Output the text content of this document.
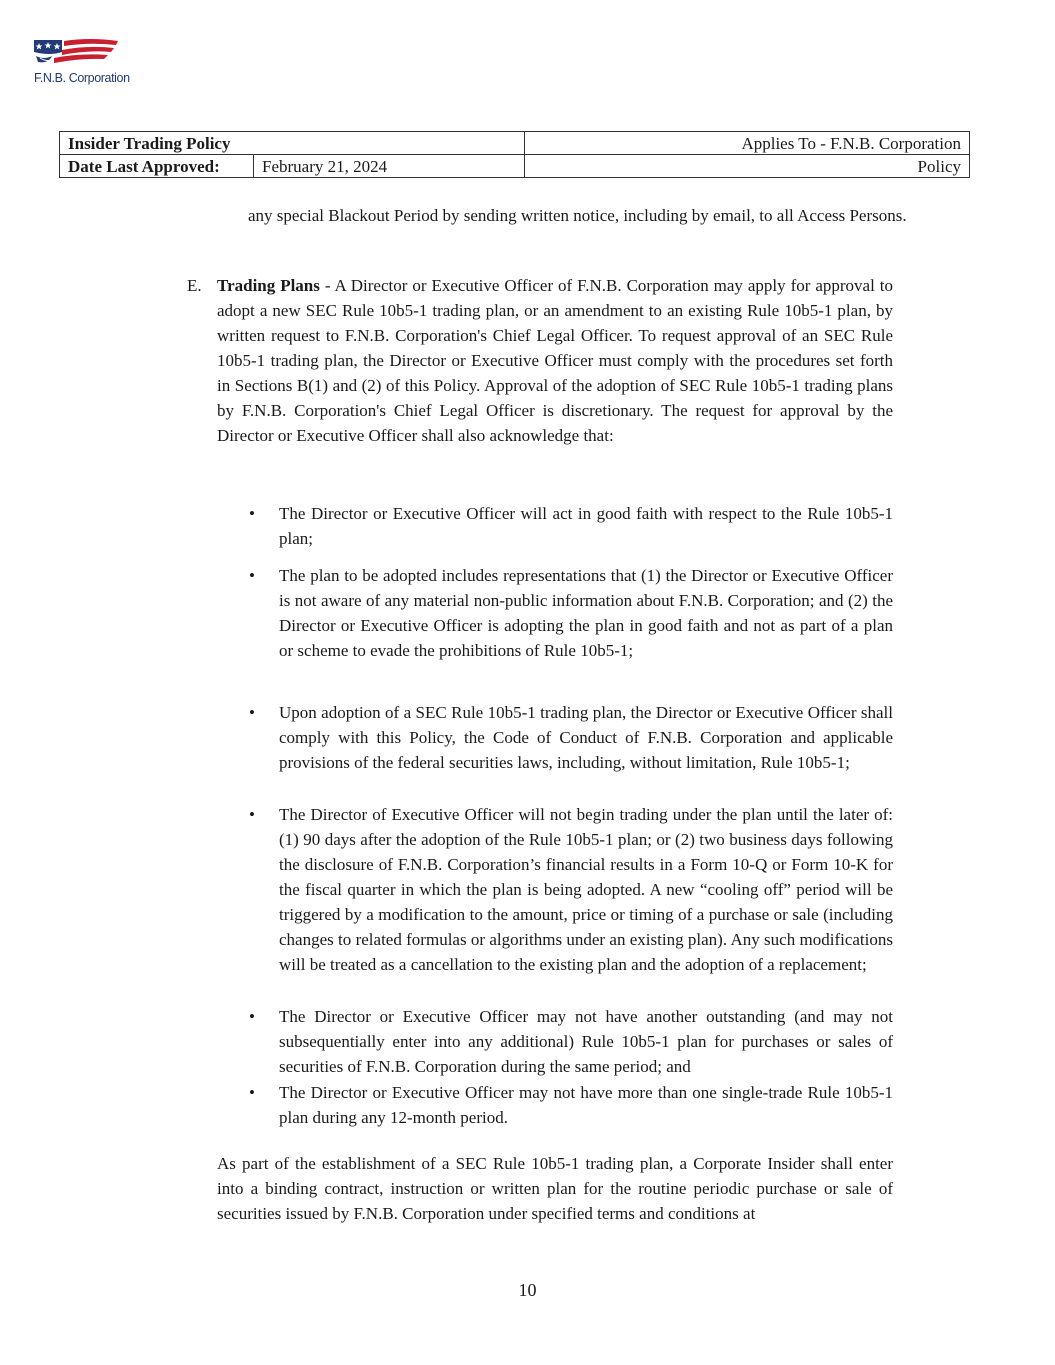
F.N.B. Corporation
Insider Trading Policy		Applies To - F.N.B. Corporation
Date Last Approved:	February 21, 2024	Policy
any special Blackout Period by sending written notice, including by email, to all Access Persons.
E. Trading Plans - A Director or Executive Officer of F.N.B. Corporation may apply for approval to adopt a new SEC Rule 10b5-1 trading plan, or an amendment to an existing Rule 10b5-1 plan, by written request to F.N.B. Corporation's Chief Legal Officer. To request approval of an SEC Rule 10b5-1 trading plan, the Director or Executive Officer must comply with the procedures set forth in Sections B(1) and (2) of this Policy. Approval of the adoption of SEC Rule 10b5-1 trading plans by F.N.B. Corporation's Chief Legal Officer is discretionary. The request for approval by the Director or Executive Officer shall also acknowledge that:
• The Director or Executive Officer will act in good faith with respect to the Rule 10b5-1 plan;
• The plan to be adopted includes representations that (1) the Director or Executive Officer is not aware of any material non-public information about F.N.B. Corporation; and (2) the Director or Executive Officer is adopting the plan in good faith and not as part of a plan or scheme to evade the prohibitions of Rule 10b5-1;
• Upon adoption of a SEC Rule 10b5-1 trading plan, the Director or Executive Officer shall comply with this Policy, the Code of Conduct of F.N.B. Corporation and applicable provisions of the federal securities laws, including, without limitation, Rule 10b5-1;
• The Director of Executive Officer will not begin trading under the plan until the later of: (1) 90 days after the adoption of the Rule 10b5-1 plan; or (2) two business days following the disclosure of F.N.B. Corporation’s financial results in a Form 10-Q or Form 10-K for the fiscal quarter in which the plan is being adopted. A new “cooling off” period will be triggered by a modification to the amount, price or timing of a purchase or sale (including changes to related formulas or algorithms under an existing plan). Any such modifications will be treated as a cancellation to the existing plan and the adoption of a replacement;
• The Director or Executive Officer may not have another outstanding (and may not subsequentially enter into any additional) Rule 10b5-1 plan for purchases or sales of securities of F.N.B. Corporation during the same period; and
• The Director or Executive Officer may not have more than one single-trade Rule 10b5-1 plan during any 12-month period.
As part of the establishment of a SEC Rule 10b5-1 trading plan, a Corporate Insider shall enter into a binding contract, instruction or written plan for the routine periodic purchase or sale of securities issued by F.N.B. Corporation under specified terms and conditions at
10
